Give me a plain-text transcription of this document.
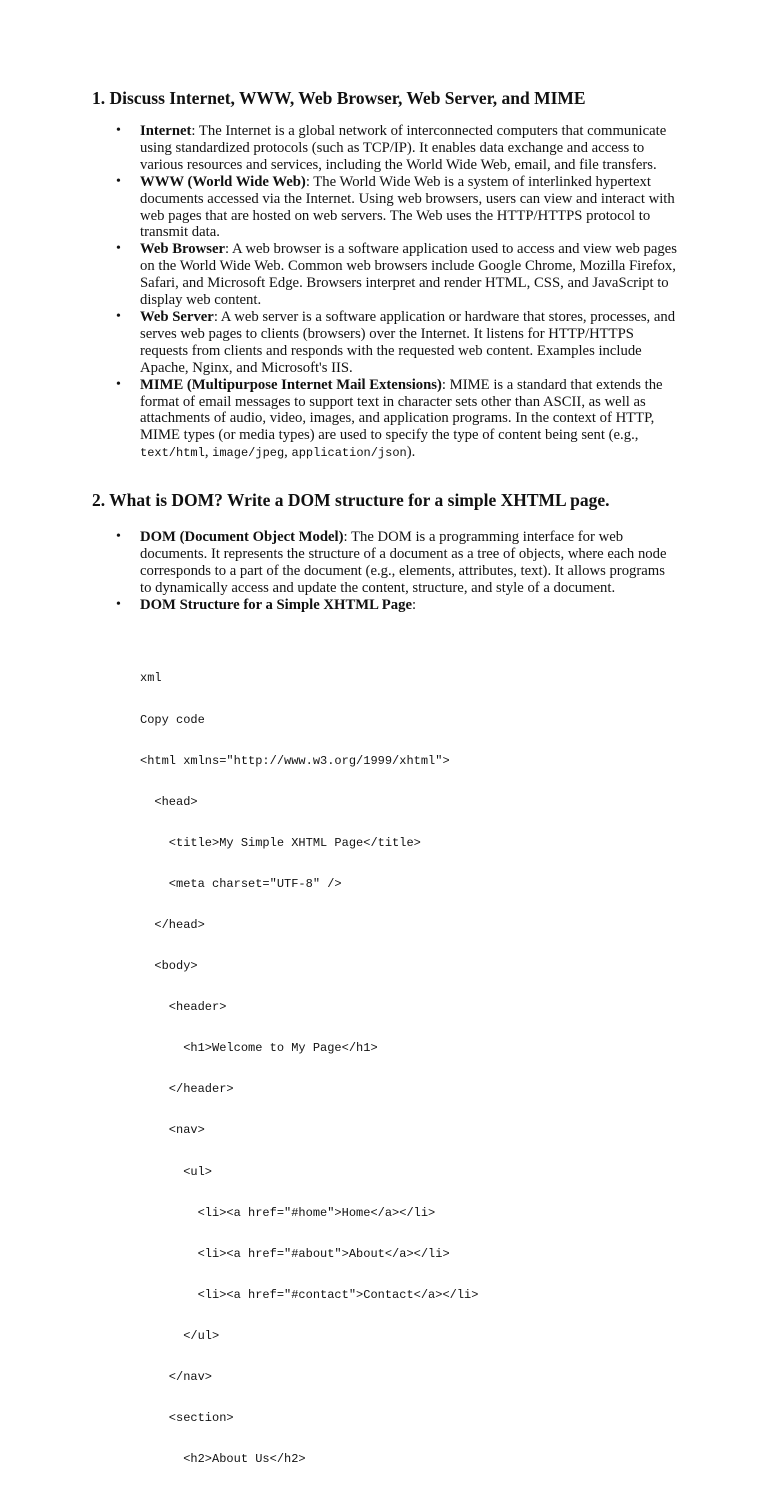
1. Discuss Internet, WWW, Web Browser, Web Server, and MIME
• Internet: The Internet is a global network of interconnected computers that communicate using standardized protocols (such as TCP/IP). It enables data exchange and access to various resources and services, including the World Wide Web, email, and file transfers.
• WWW (World Wide Web): The World Wide Web is a system of interlinked hypertext documents accessed via the Internet. Using web browsers, users can view and interact with web pages that are hosted on web servers. The Web uses the HTTP/HTTPS protocol to transmit data.
• Web Browser: A web browser is a software application used to access and view web pages on the World Wide Web. Common web browsers include Google Chrome, Mozilla Firefox, Safari, and Microsoft Edge. Browsers interpret and render HTML, CSS, and JavaScript to display web content.
• Web Server: A web server is a software application or hardware that stores, processes, and serves web pages to clients (browsers) over the Internet. It listens for HTTP/HTTPS requests from clients and responds with the requested web content. Examples include Apache, Nginx, and Microsoft's IIS.
• MIME (Multipurpose Internet Mail Extensions): MIME is a standard that extends the format of email messages to support text in character sets other than ASCII, as well as attachments of audio, video, images, and application programs. In the context of HTTP, MIME types (or media types) are used to specify the type of content being sent (e.g., text/html, image/jpeg, application/json).
2. What is DOM? Write a DOM structure for a simple XHTML page.
• DOM (Document Object Model): The DOM is a programming interface for web documents. It represents the structure of a document as a tree of objects, where each node corresponds to a part of the document (e.g., elements, attributes, text). It allows programs to dynamically access and update the content, structure, and style of a document.
• DOM Structure for a Simple XHTML Page:

xml

Copy code

<html xmlns="http://www.w3.org/1999/xhtml">

<head>

<title>My Simple XHTML Page</title>

<meta charset="UTF-8" />

</head>

<body>

<header>

<h1>Welcome to My Page</h1>

</header>

<nav>

<ul>

<li><a href="#home">Home</a></li>

<li><a href="#about">About</a></li>

<li><a href="#contact">Contact</a></li>

</ul>

</nav>

<section>

<h2>About Us</h2>
